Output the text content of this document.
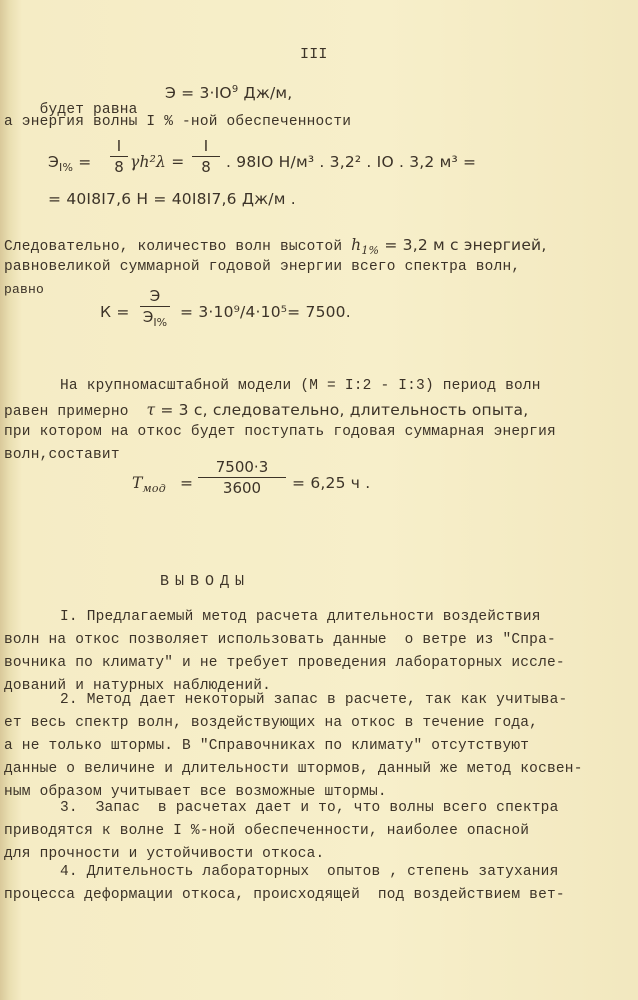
III

будет равна

$Э = 3\cdot IO^9$ Дж/м,
а энергия волны I % -ной обеспеченности
$Э_{I\%}$ =
I
8 γh²λ =
I
8 . 98IO Н/м³ . 3,2² . IO . 3,2 м³ =
= 40I8I7,6 Н = 40I8I7,6 Дж/м .
Следовательно, количество волн высотой $h_{1\%} = 3,2$ м с энергией,
равновеликой суммарной годовой энергии всего спектра волн,
равно
К =
Э
$Э_{I\%}$
= 3·10⁹/4·10⁵= 7500.
На крупномасштабной модели (М = I:2 - I:3) период волн
равен примерно  τ = 3 с, следовательно, длительность опыта,
при котором на откос будет поступать годовая суммарная энергия
волн,составит
$T_{мод}$ =
7500·3
3600	= 6,25 ч .
ВЫВОДЫ
I. Предлагаемый метод расчета длительности воздействия
волн на откос позволяет использовать данные  о ветре из "Спра-
вочника по климату" и не требует проведения лабораторных иссле-
дований и натурных наблюдений.
2. Метод дает некоторый запас в расчете, так как учитыва-
ет весь спектр волн, воздействующих на откос в течение года,
а не только штормы. В "Справочниках по климату" отсутствуют
данные о величине и длительности штормов, данный же метод косвен-
ным образом учитывает все возможные штормы.
3.  Запас  в расчетах дает и то, что волны всего спектра
приводятся к волне I %-ной обеспеченности, наиболее опасной
для прочности и устойчивости откоса.
4. Длительность лабораторных  опытов , степень затухания
процесса деформации откоса, происходящей  под воздействием вет-
